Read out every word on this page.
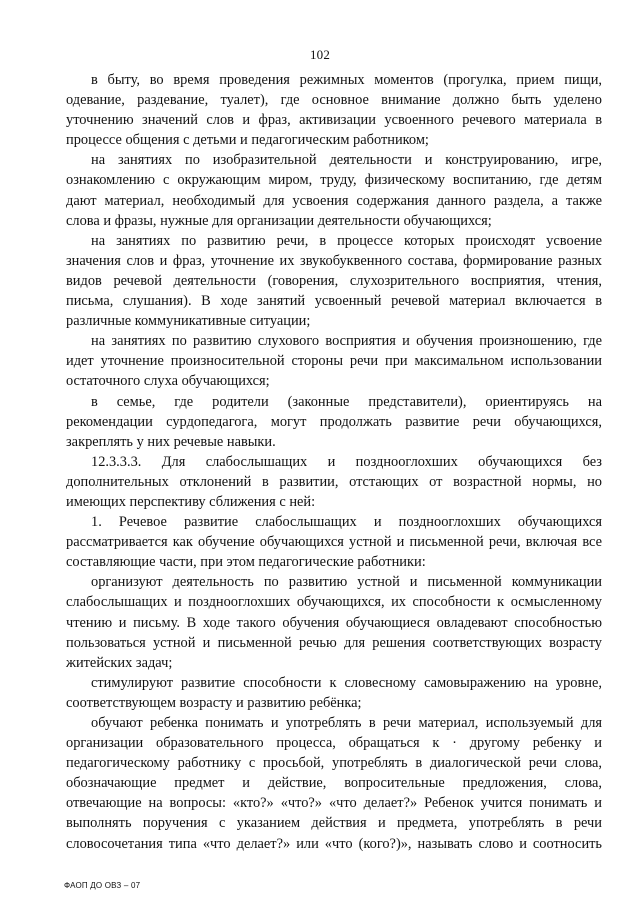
102
в быту, во время проведения режимных моментов (прогулка, прием пищи,
одевание, раздевание, туалет), где основное внимание должно быть уделено
уточнению значений слов и фраз, активизации усвоенного речевого материала в
процессе общения с детьми и педагогическим работником;
на занятиях по изобразительной деятельности и конструированию, игре,
ознакомлению с окружающим миром, труду, физическому воспитанию, где детям
дают материал, необходимый для усвоения содержания данного раздела, а также
слова и фразы, нужные для организации деятельности обучающихся;
на занятиях по развитию речи, в процессе которых происходят усвоение
значения слов и фраз, уточнение их звукобуквенного состава, формирование разных
видов речевой деятельности (говорения, слухозрительного восприятия, чтения,
письма, слушания). В ходе занятий усвоенный речевой материал включается в
различные коммуникативные ситуации;
на занятиях по развитию слухового восприятия и обучения произношению, где
идет уточнение произносительной стороны речи при максимальном использовании
остаточного слуха обучающихся;
в семье, где родители (законные представители), ориентируясь на
рекомендации сурдопедагога, могут продолжать развитие речи обучающихся,
закреплять у них речевые навыки.
12.3.3.3. Для слабослышащих и позднооглохших обучающихся без
дополнительных отклонений в развитии, отстающих от возрастной нормы, но
имеющих перспективу сближения с ней:
1. Речевое развитие слабослышащих и позднооглохших обучающихся
рассматривается как обучение обучающихся устной и письменной речи, включая все
составляющие части, при этом педагогические работники:
организуют деятельность по развитию устной и письменной коммуникации
слабослышащих и позднооглохших обучающихся, их способности к осмысленному
чтению и письму. В ходе такого обучения обучающиеся овладевают способностью
пользоваться устной и письменной речью для решения соответствующих возрасту
житейских задач;
стимулируют развитие способности к словесному самовыражению на уровне,
соответствующем возрасту и развитию ребёнка;
обучают ребенка понимать и употреблять в речи материал, используемый для
организации образовательного процесса, обращаться к · другому ребенку и
педагогическому работнику с просьбой, употреблять в диалогической речи слова,
обозначающие предмет и действие, вопросительные предложения, слова,
отвечающие на вопросы: «кто?» «что?» «что делает?» Ребенок учится понимать и
выполнять поручения с указанием действия и предмета, употреблять в речи
словосочетания типа «что делает?» или «что (кого?)», называть слово и соотносить
ФАОП ДО ОВЗ – 07
